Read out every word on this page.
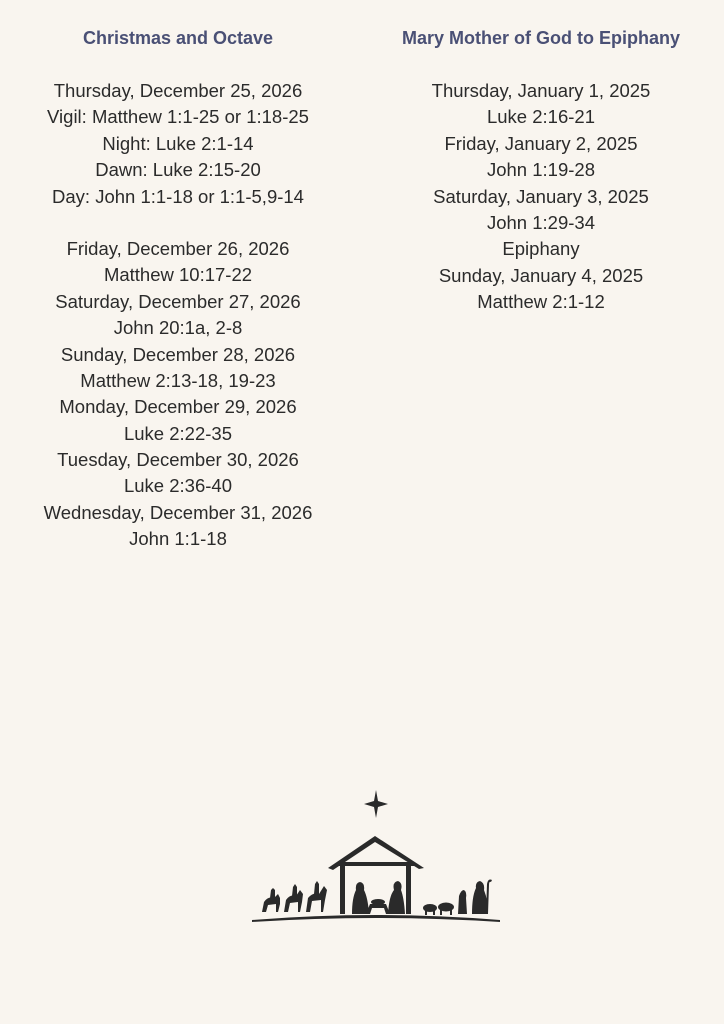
Christmas and Octave
Thursday, December 25, 2026
Vigil: Matthew 1:1-25 or 1:18-25
Night: Luke 2:1-14
Dawn: Luke 2:15-20
Day: John 1:1-18 or 1:1-5,9-14
Friday, December 26, 2026
Matthew 10:17-22
Saturday, December 27, 2026
John 20:1a, 2-8
Sunday, December 28, 2026
Matthew 2:13-18, 19-23
Monday, December 29, 2026
Luke 2:22-35
Tuesday, December 30, 2026
Luke 2:36-40
Wednesday, December 31, 2026
John 1:1-18
Mary Mother of God to Epiphany
Thursday, January 1, 2025
Luke 2:16-21
Friday, January 2, 2025
John 1:19-28
Saturday, January 3, 2025
John 1:29-34
Epiphany
Sunday, January 4, 2025
Matthew 2:1-12
